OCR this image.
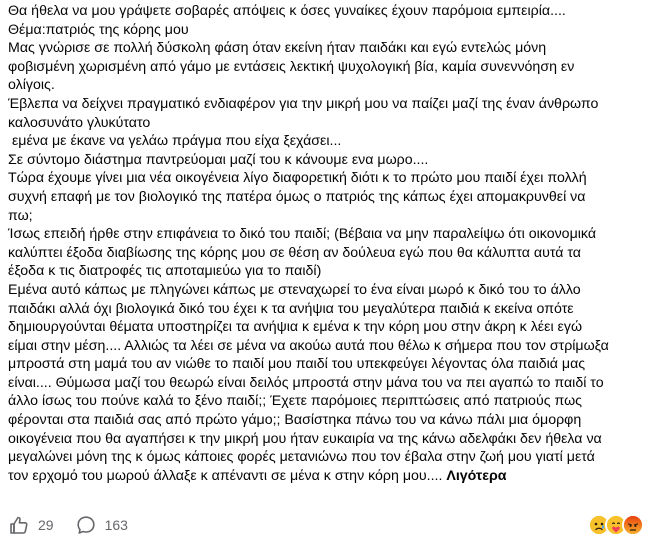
Θα ήθελα να μου γράψετε σοβαρές απόψεις κ όσες γυναίκες έχουν παρόμοια εμπειρία....
Θέμα:πατριός της κόρης μου
Μας γνώρισε σε πολλή δύσκολη φάση όταν εκείνη ήταν παιδάκι και εγώ εντελώς μόνη
φοβισμένη χωρισμένη από γάμο με εντάσεις λεκτική ψυχολογική βία, καμία συνεννόηση εν
ολίγοις.
Έβλεπα να δείχνει πραγματικό ενδιαφέρον για την μικρή μου να παίζει μαζί της έναν άνθρωπο
καλοσυνάτο γλυκύτατο
εμένα με έκανε να γελάω πράγμα που είχα ξεχάσει...
Σε σύντομο διάστημα παντρεύομαι μαζί του κ κάνουμε ενα μωρο....
Τώρα έχουμε γίνει μια νέα οικογένεια λίγο διαφορετική διότι κ το πρώτο μου παιδί έχει πολλή
συχνή επαφή με τον βιολογικό της πατέρα όμως ο πατριός της κάπως έχει απομακρυνθεί να
πω;
Ίσως επειδή ήρθε στην επιφάνεια το δικό του παιδί; (Βέβαια να μην παραλείψω ότι οικονομικά
καλύπτει έξοδα διαβίωσης της κόρης μου σε θέση αν δούλευα εγώ που θα κάλυπτα αυτά τα
έξοδα κ τις διατροφές τις αποταμιεύω για το παιδί)
Εμένα αυτό κάπως με πληγώνει κάπως με στεναχωρεί το ένα είναι μωρό κ δικό του το άλλο
παιδάκι αλλά όχι βιολογικά δικό του έχει κ τα ανήψια του μεγαλύτερα παιδιά κ εκείνα οπότε
δημιουργούνται θέματα υποστηρίζει τα ανήψια κ εμένα κ την κόρη μου στην άκρη κ λέει εγώ
είμαι στην μέση.... Αλλιώς τα λέει σε μένα να ακούω αυτά που θέλω κ σήμερα που τον στρίμωξα
μπροστά στη μαμά του αν νιώθε το παιδί μου παιδί του υπεκφεύγει λέγοντας όλα παιδιά μας
είναι.... Θύμωσα μαζί του θεωρώ είναι δειλός μπροστά στην μάνα του να πει αγαπώ το παιδί το
άλλο ίσως του πούνε καλά το ξένο παιδί;; Έχετε παρόμοιες περιπτώσεις από πατριούς πως
φέρονται στα παιδιά σας από πρώτο γάμο;; Βασίστηκα πάνω του να κάνω πάλι μια όμορφη
οικογένεια που θα αγαπήσει κ την μικρή μου ήταν ευκαιρία να της κάνω αδελφάκι δεν ήθελα να
μεγαλώνει μόνη της κ όμως κάποιες φορές μετανιώνω που τον έβαλα στην ζωή μου γιατί μετά
τον ερχομό του μωρού άλλαξε κ απέναντι σε μένα κ στην κόρη μου.... Λιγότερα
29	163
